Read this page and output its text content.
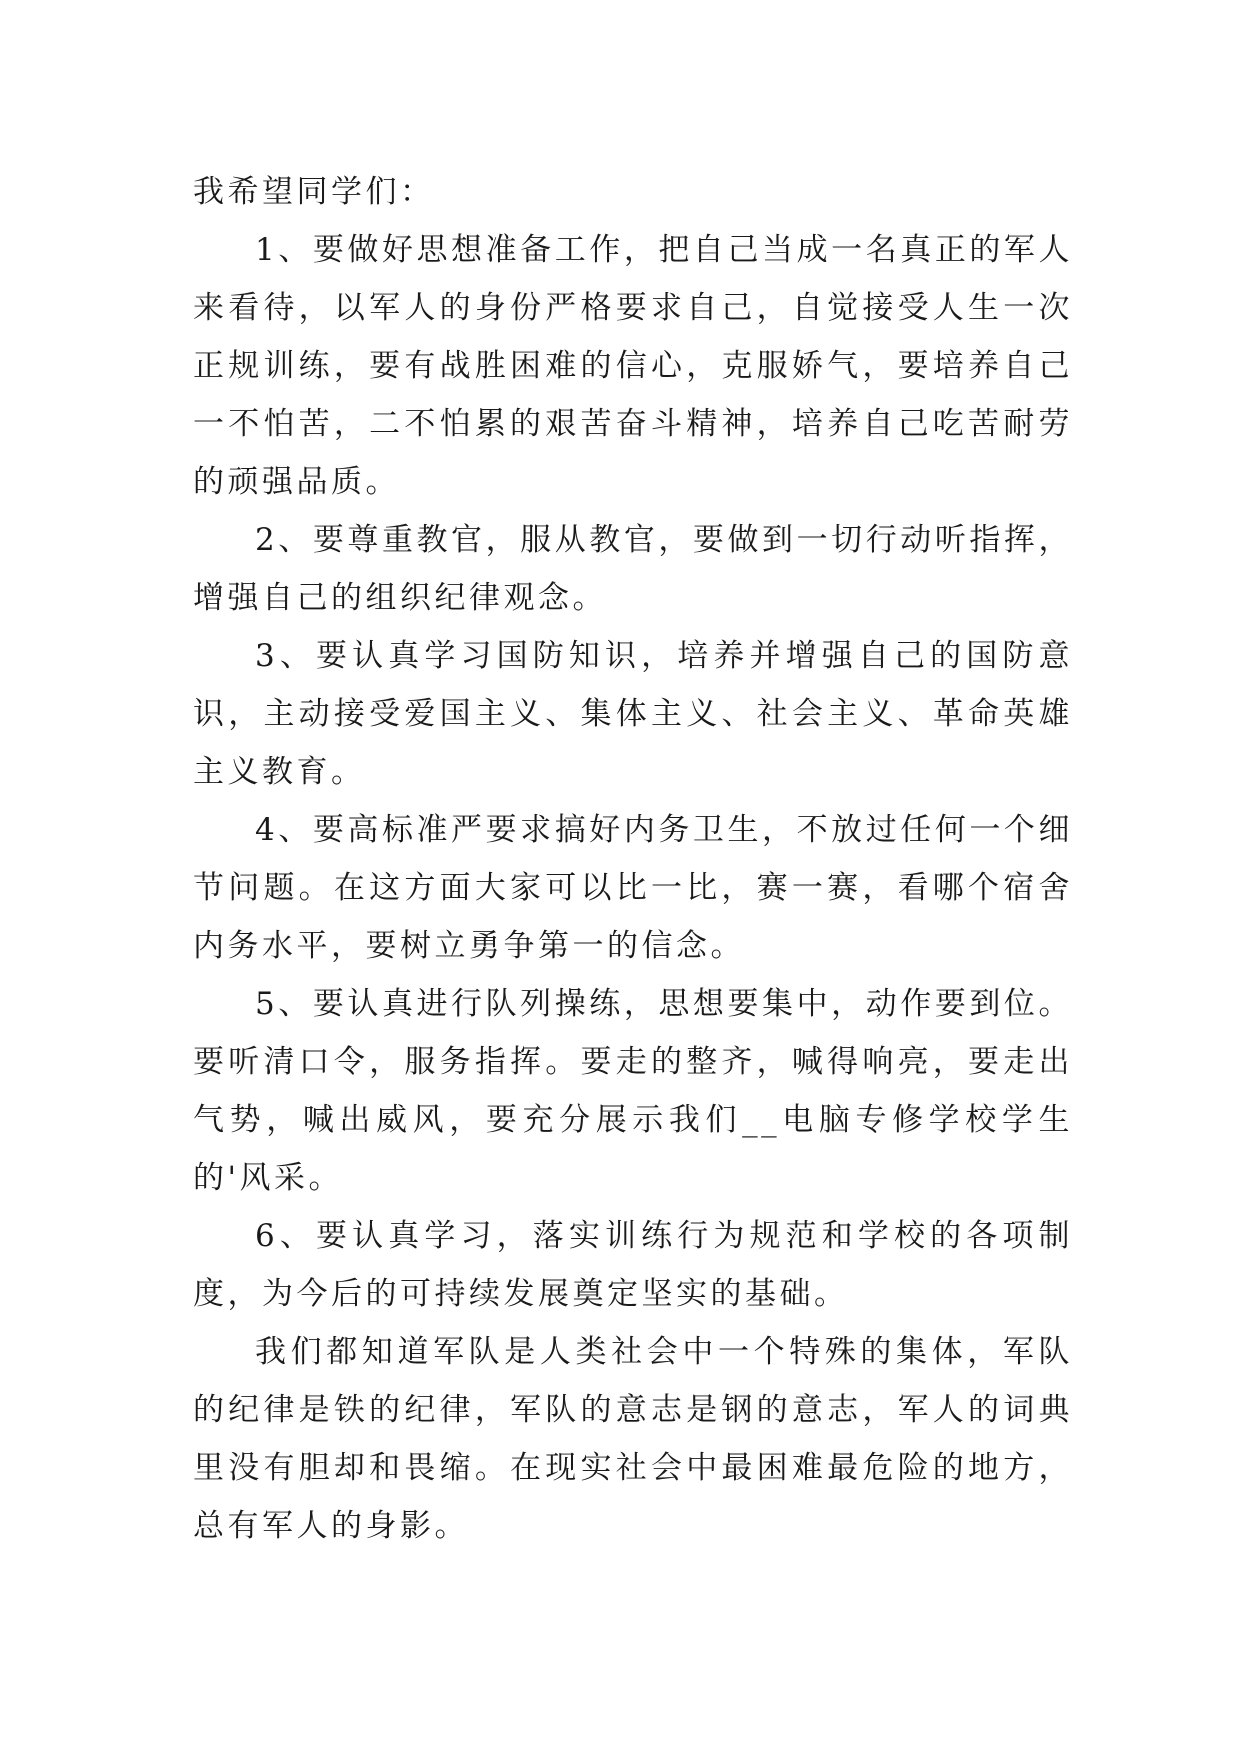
我希望同学们：

1、要做好思想准备工作，把自己当成一名真正的军人来看待，以军人的身份严格要求自己，自觉接受人生一次正规训练，要有战胜困难的信心，克服娇气，要培养自己一不怕苦，二不怕累的艰苦奋斗精神，培养自己吃苦耐劳的顽强品质。

2、要尊重教官，服从教官，要做到一切行动听指挥，增强自己的组织纪律观念。

3、要认真学习国防知识，培养并增强自己的国防意识，主动接受爱国主义、集体主义、社会主义、革命英雄主义教育。

4、要高标准严要求搞好内务卫生，不放过任何一个细节问题。在这方面大家可以比一比，赛一赛，看哪个宿舍内务水平，要树立勇争第一的信念。

5、要认真进行队列操练，思想要集中，动作要到位。要听清口令，服务指挥。要走的整齐，喊得响亮，要走出气势，喊出威风，要充分展示我们__电脑专修学校学生的'风采。

6、要认真学习，落实训练行为规范和学校的各项制度，为今后的可持续发展奠定坚实的基础。

我们都知道军队是人类社会中一个特殊的集体，军队的纪律是铁的纪律，军队的意志是钢的意志，军人的词典里没有胆却和畏缩。在现实社会中最困难最危险的地方，总有军人的身影。
